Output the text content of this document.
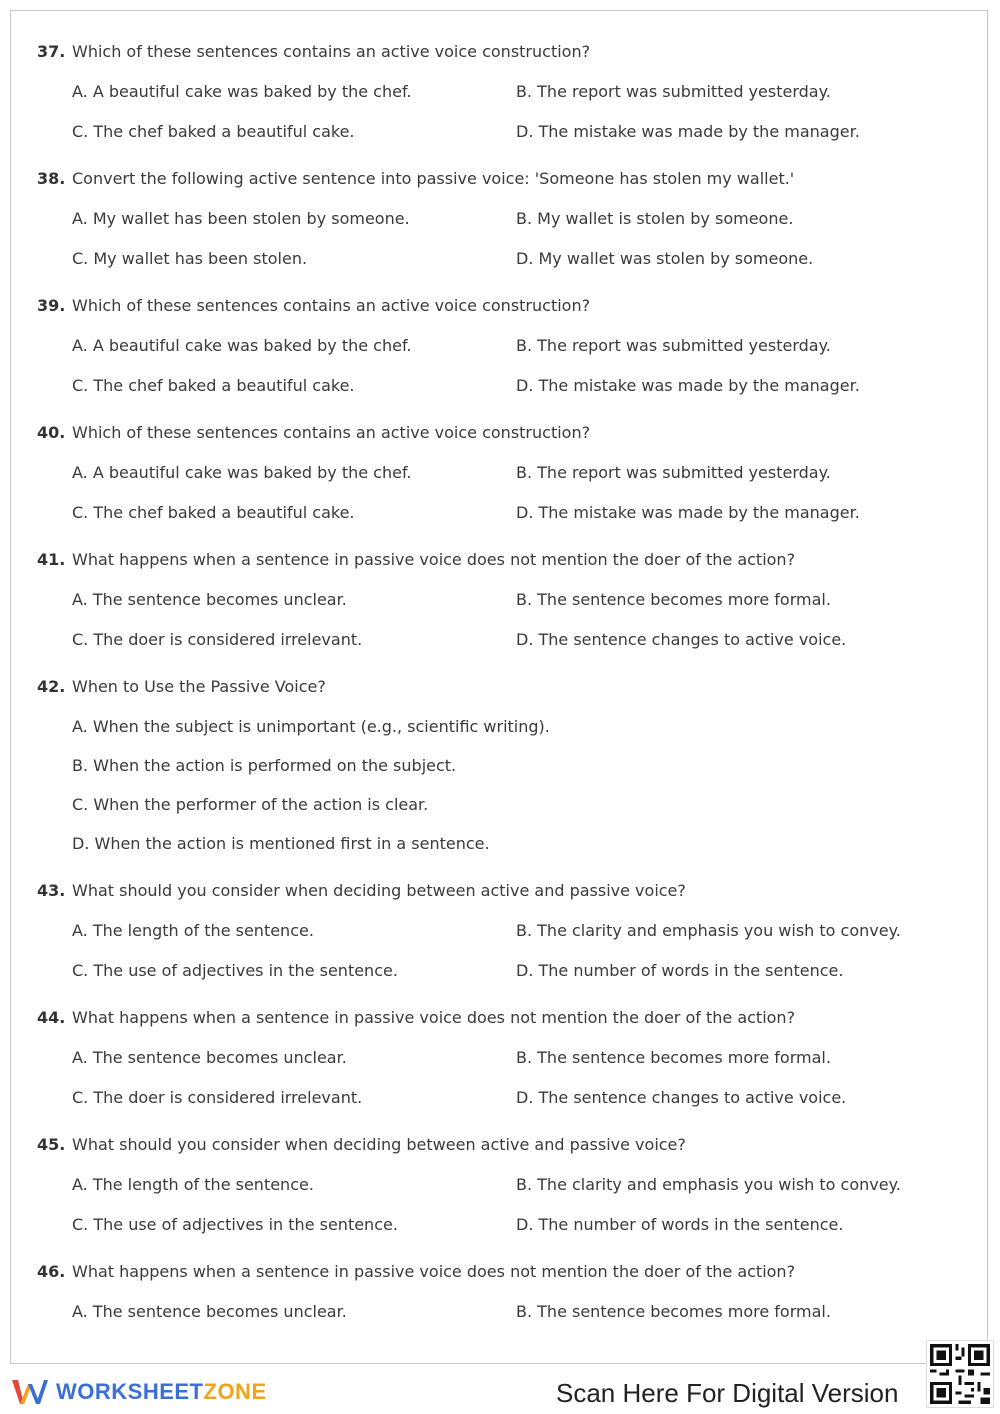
37. Which of these sentences contains an active voice construction?
A. A beautiful cake was baked by the chef.	B. The report was submitted yesterday.
C. The chef baked a beautiful cake.	D. The mistake was made by the manager.
38. Convert the following active sentence into passive voice: 'Someone has stolen my wallet.'
A. My wallet has been stolen by someone.	B. My wallet is stolen by someone.
C. My wallet has been stolen.	D. My wallet was stolen by someone.
39. Which of these sentences contains an active voice construction?
A. A beautiful cake was baked by the chef.	B. The report was submitted yesterday.
C. The chef baked a beautiful cake.	D. The mistake was made by the manager.
40. Which of these sentences contains an active voice construction?
A. A beautiful cake was baked by the chef.	B. The report was submitted yesterday.
C. The chef baked a beautiful cake.	D. The mistake was made by the manager.
41. What happens when a sentence in passive voice does not mention the doer of the action?
A. The sentence becomes unclear.	B. The sentence becomes more formal.
C. The doer is considered irrelevant.	D. The sentence changes to active voice.
42. When to Use the Passive Voice?
A. When the subject is unimportant (e.g., scientific writing).
B. When the action is performed on the subject.
C. When the performer of the action is clear.
D. When the action is mentioned first in a sentence.
43. What should you consider when deciding between active and passive voice?
A. The length of the sentence.	B. The clarity and emphasis you wish to convey.
C. The use of adjectives in the sentence.	D. The number of words in the sentence.
44. What happens when a sentence in passive voice does not mention the doer of the action?
A. The sentence becomes unclear.	B. The sentence becomes more formal.
C. The doer is considered irrelevant.	D. The sentence changes to active voice.
45. What should you consider when deciding between active and passive voice?
A. The length of the sentence.	B. The clarity and emphasis you wish to convey.
C. The use of adjectives in the sentence.	D. The number of words in the sentence.
46. What happens when a sentence in passive voice does not mention the doer of the action?
A. The sentence becomes unclear.	B. The sentence becomes more formal.
WORKSHEETZONE	Scan Here For Digital Version
